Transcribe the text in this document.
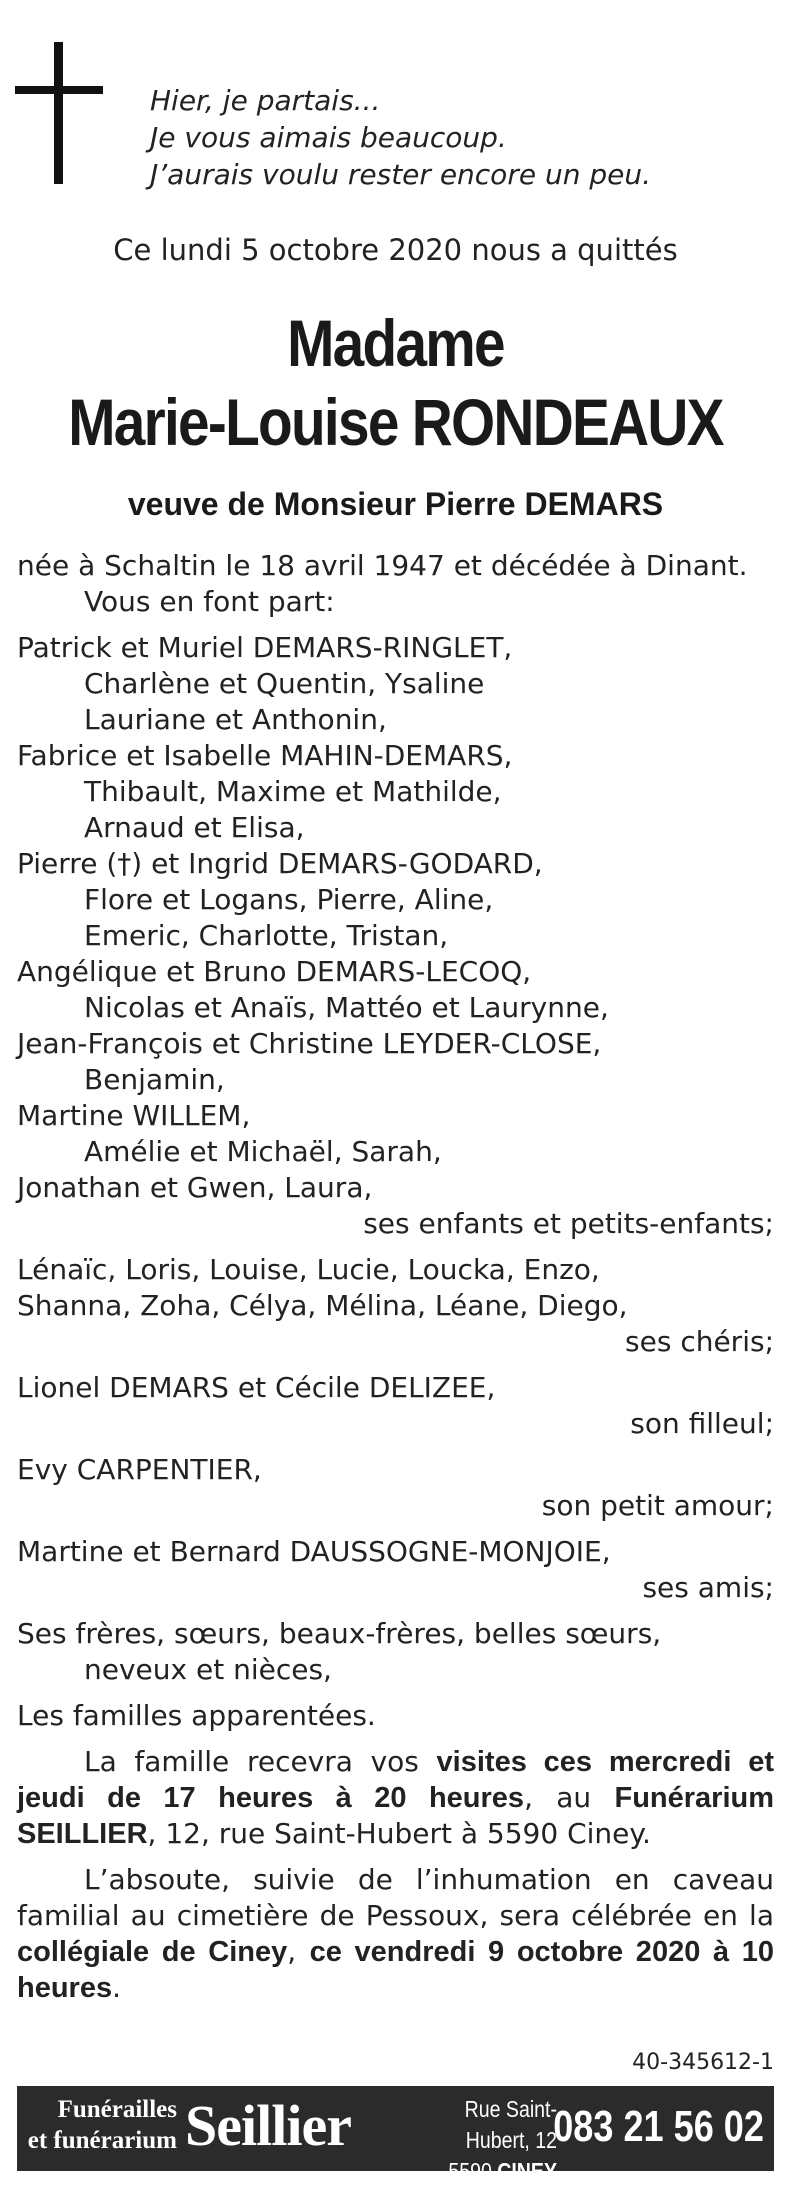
Hier, je partais...
Je vous aimais beaucoup.
J’aurais voulu rester encore un peu.
Ce lundi 5 octobre 2020 nous a quittés
Madame
Marie-Louise RONDEAUX
veuve de Monsieur Pierre DEMARS
née à Schaltin le 18 avril 1947 et décédée à Dinant.
Vous en font part:
Patrick et Muriel DEMARS-RINGLET,
Charlène et Quentin, Ysaline
Lauriane et Anthonin,
Fabrice et Isabelle MAHIN-DEMARS,
Thibault, Maxime et Mathilde,
Arnaud et Elisa,
Pierre (†) et Ingrid DEMARS-GODARD,
Flore et Logans, Pierre, Aline,
Emeric, Charlotte, Tristan,
Angélique et Bruno DEMARS-LECOQ,
Nicolas et Anaïs, Mattéo et Laurynne,
Jean-François et Christine LEYDER-CLOSE,
Benjamin,
Martine WILLEM,
Amélie et Michaël, Sarah,
Jonathan et Gwen, Laura,
ses enfants et petits-enfants;
Lénaïc, Loris, Louise, Lucie, Loucka, Enzo,
Shanna, Zoha, Célya, Mélina, Léane, Diego,
ses chéris;
Lionel DEMARS et Cécile DELIZEE,
son filleul;
Evy CARPENTIER,
son petit amour;
Martine et Bernard DAUSSOGNE-MONJOIE,
ses amis;
Ses frères, sœurs, beaux-frères, belles sœurs,
neveux et nièces,
Les familles apparentées.
La famille recevra vos visites ces mercredi et jeudi de 17 heures à 20 heures, au Funérarium SEILLIER, 12, rue Saint-Hubert à 5590 Ciney.
L’absoute, suivie de l’inhumation en caveau familial au cimetière de Pessoux, sera célébrée en la collégiale de Ciney, ce vendredi 9 octobre 2020 à 10 heures.
40-345612-1
Funérailles
et funérarium Seillier	Rue Saint-Hubert, 12
5590 CINEY
083 21 56 02
